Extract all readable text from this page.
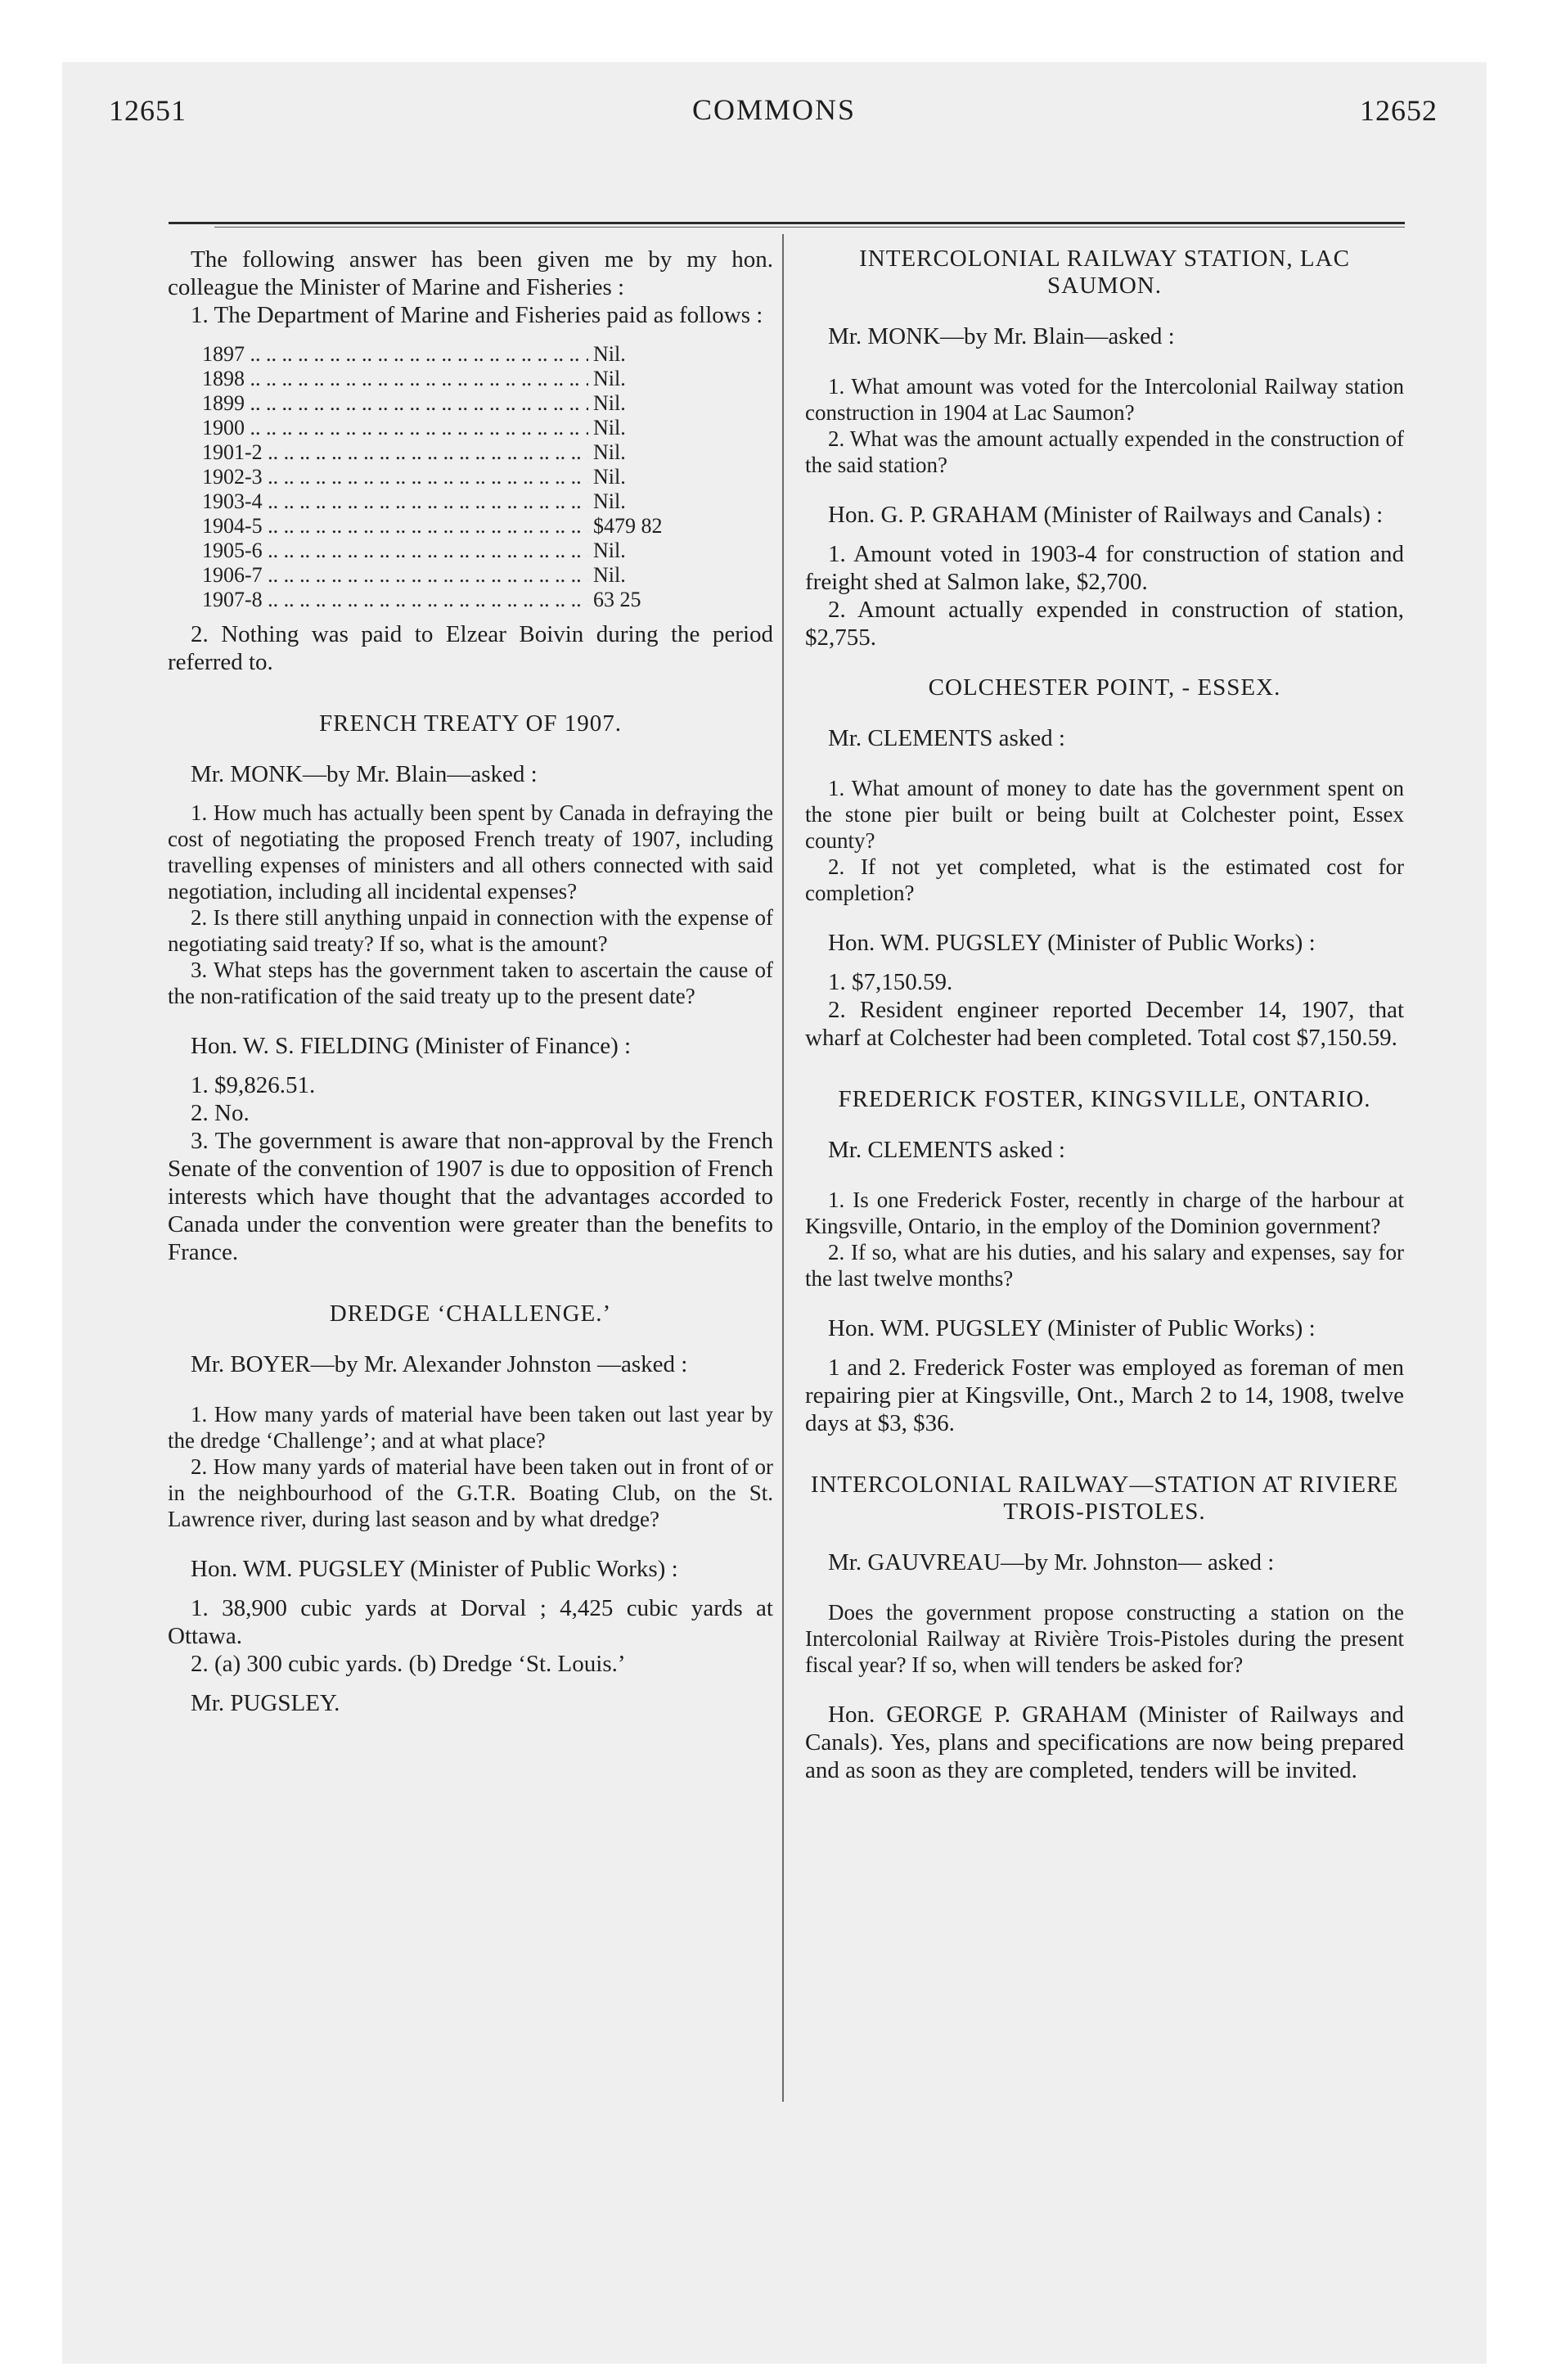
12651	COMMONS	12652

The following answer has been given me by my hon. colleague the Minister of Marine and Fisheries :

1. The Department of Marine and Fisheries paid as follows :

1897 .. ..	Nil.
1898 .. ..	Nil.
1899 .. ..	Nil.
1900 .. ..	Nil.
1901-2 .. ..	Nil.
1902-3 .. ..	Nil.
1903-4 .. ..	Nil.
1904-5 .. ..	$479 82
1905-6 .. ..	Nil.
1906-7 .. ..	Nil.
1907-8 .. ..	63 25

2. Nothing was paid to Elzear Boivin during the period referred to.

FRENCH TREATY OF 1907.

Mr. MONK—by Mr. Blain—asked :

1. How much has actually been spent by Canada in defraying the cost of negotiating the proposed French treaty of 1907, including travelling expenses of ministers and all others connected with said negotiation, including all incidental expenses?

2. Is there still anything unpaid in connection with the expense of negotiating said treaty? If so, what is the amount?

3. What steps has the government taken to ascertain the cause of the non-ratification of the said treaty up to the present date?

Hon. W. S. FIELDING (Minister of Finance) :

1. $9,826.51.

2. No.

3. The government is aware that non-approval by the French Senate of the convention of 1907 is due to opposition of French interests which have thought that the advantages accorded to Canada under the convention were greater than the benefits to France.

DREDGE ‘CHALLENGE.’

Mr. BOYER—by Mr. Alexander Johnston —asked :

1. How many yards of material have been taken out last year by the dredge ‘Challenge’; and at what place?

2. How many yards of material have been taken out in front of or in the neighbourhood of the G.T.R. Boating Club, on the St. Lawrence river, during last season and by what dredge?

Hon. WM. PUGSLEY (Minister of Public Works) :

1. 38,900 cubic yards at Dorval ; 4,425 cubic yards at Ottawa.

2. (a) 300 cubic yards. (b) Dredge ‘St. Louis.’

Mr. PUGSLEY.

INTERCOLONIAL RAILWAY STATION, LAC SAUMON.

Mr. MONK—by Mr. Blain—asked :

1. What amount was voted for the Intercolonial Railway station construction in 1904 at Lac Saumon?

2. What was the amount actually expended in the construction of the said station?

Hon. G. P. GRAHAM (Minister of Railways and Canals) :

1. Amount voted in 1903-4 for construction of station and freight shed at Salmon lake, $2,700.

2. Amount actually expended in construction of station, $2,755.

COLCHESTER POINT, - ESSEX.

Mr. CLEMENTS asked :

1. What amount of money to date has the government spent on the stone pier built or being built at Colchester point, Essex county?

2. If not yet completed, what is the estimated cost for completion?

Hon. WM. PUGSLEY (Minister of Public Works) :

1. $7,150.59.

2. Resident engineer reported December 14, 1907, that wharf at Colchester had been completed. Total cost $7,150.59.

FREDERICK FOSTER, KINGSVILLE, ONTARIO.

Mr. CLEMENTS asked :

1. Is one Frederick Foster, recently in charge of the harbour at Kingsville, Ontario, in the employ of the Dominion government?

2. If so, what are his duties, and his salary and expenses, say for the last twelve months?

Hon. WM. PUGSLEY (Minister of Public Works) :

1 and 2. Frederick Foster was employed as foreman of men repairing pier at Kingsville, Ont., March 2 to 14, 1908, twelve days at $3, $36.

INTERCOLONIAL RAILWAY—STATION AT RIVIERE TROIS-PISTOLES.

Mr. GAUVREAU—by Mr. Johnston— asked :

Does the government propose constructing a station on the Intercolonial Railway at Rivière Trois-Pistoles during the present fiscal year? If so, when will tenders be asked for?

Hon. GEORGE P. GRAHAM (Minister of Railways and Canals). Yes, plans and specifications are now being prepared and as soon as they are completed, tenders will be invited.
